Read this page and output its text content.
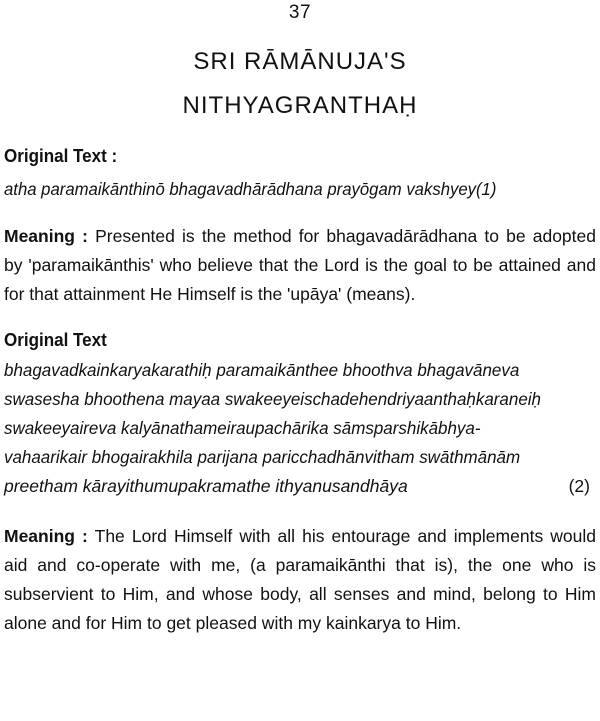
37
SRI RĀMĀNUJA'S
NITHYAGRANTHAḤ

Original Text :

atha paramaikānthinō bhagavadhārādhana prayōgam vakshyey(1)

Meaning : Presented is the method for bhagavadārādhana to be adopted by 'paramaikānthis' who believe that the Lord is the goal to be attained and for that attainment He Himself is the 'upāya' (means).

Original Text

bhagavadkainkaryakarathiḥ paramaikānthee bhoothva bhagavāneva
swasesha bhoothena mayaa swakeeyeischadehendriyaanthaḥkaraneiḥ
swakeeyaireva kalyānathameiraupachārika sāmsparshikābhya-
vahaarikair bhogairakhila parijana paricchadhānvitham swāthmānām
preetham kārayithumupakramathe ithyanusandhāya	(2)

Meaning : The Lord Himself with all his entourage and implements would aid and co-operate with me, (a paramaikānthi that is), the one who is subservient to Him, and whose body, all senses and mind, belong to Him alone and for Him to get pleased with my kainkarya to Him.
